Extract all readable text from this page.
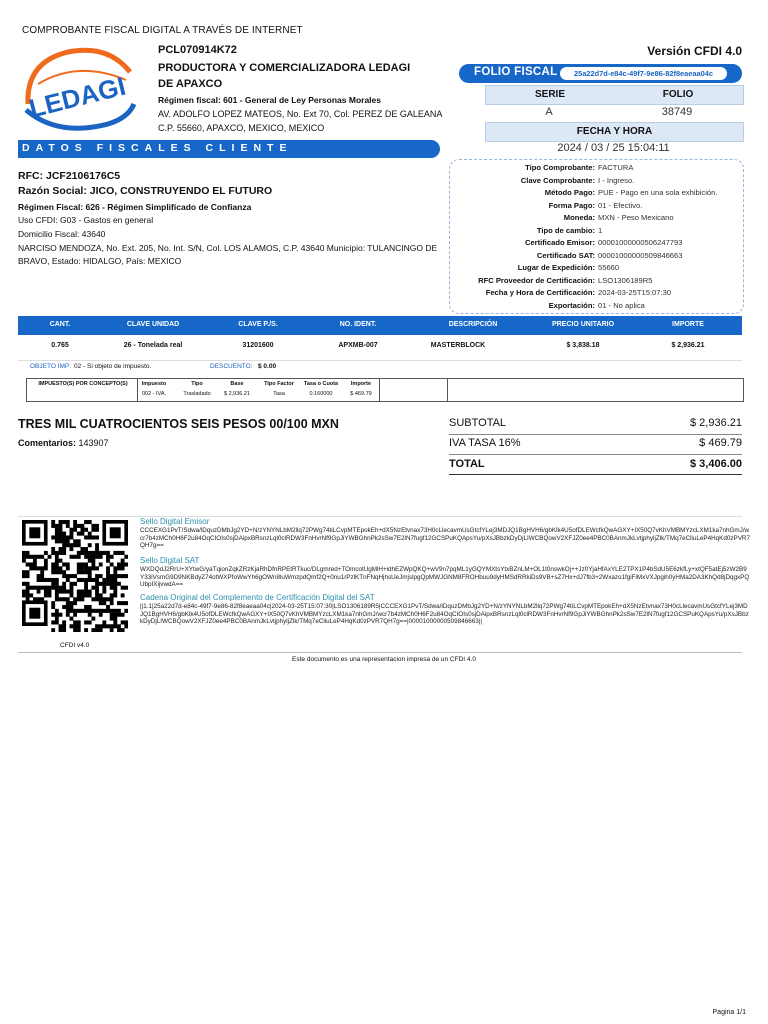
COMPROBANTE FISCAL DIGITAL A TRAVÉS DE INTERNET
LEDAGI
PCL070914K72
PRODUCTORA Y COMERCIALIZADORA LEDAGI DE APAXCO
Régimen fiscal: 601 - General de Ley Personas Morales
AV. ADOLFO LOPEZ MATEOS, No. Ext 70, Col. PEREZ DE GALEANA
C.P. 55660, APAXCO, MEXICO, MEXICO
Versión CFDI 4.0
FOLIO FISCAL	25a22d7d-e84c-49f7-9e86-82f8eaeaa04c
SERIE	FOLIO
A	38749
FECHA Y HORA
2024 / 03 / 25 15:04:11
DATOS FISCALES CLIENTE
RFC: JCF2106176C5
Razón Social: JICO, CONSTRUYENDO EL FUTURO
Régimen Fiscal: 626 - Régimen Simplificado de Confianza
Uso CFDI: G03 - Gastos en general
Domicilio Fiscal: 43640
NARCISO MENDOZA, No. Ext. 205, No. Int. S/N, Col. LOS ALAMOS, C.P. 43640 Municipio: TULANCINGO DE BRAVO, Estado: HIDALGO, País: MEXICO
Tipo Comprobante: FACTURA
Clave Comprobante: I - Ingreso.
Método Pago: PUE - Pago en una sola exhibición.
Forma Pago: 01 - Efectivo.
Moneda: MXN - Peso Mexicano
Tipo de cambio: 1
Certificado Emisor: 00001000000506247793
Certificado SAT: 00001000000509846663
Lugar de Expedición: 55660
RFC Proveedor de Certificación: LSO1306189R5
Fecha y Hora de Certificación: 2024-03-25T15:07:30
Exportación: 01 - No aplica
CANT.	CLAVE UNIDAD	CLAVE P./S.	NO. IDENT.	DESCRIPCIÓN	PRECIO UNITARIO	IMPORTE
0.765	26 - Tonelada real	31201600	APXMB-007	MASTERBLOCK	$ 3,838.18	$ 2,936.21
OBJETO IMP: 02 - Si objeto de impuesto.	DESCUENTO: $ 0.00
IMPUESTO(S) POR CONCEPTO(S)	Impuesto	Tipo	Base	Tipo Factor	Tasa o Cuota	Importe
002 - IVA.	Trasladado	$ 2,936.21	Tasa	0.160000	$ 469.79
TRES MIL CUATROCIENTOS SEIS PESOS 00/100 MXN
Comentarios: 143907
SUBTOTAL	$ 2,936.21
IVA TASA 16%	$ 469.79
TOTAL	$ 3,406.00
CFDI v4.0
Sello Digital Emisor
CCCEXG1PvT/Sdwa/lDquzDMbJg2YD+N/zYNYNLbM2llq72PWg74tiLCvpMTEpokEh+dX5NzEtvnax73H0cLlecavmUsGtcfYLej3MDJQ1BgHVH6/gbKlk4U5ofDLEWcfkQwAGXY+IX50Q7vKhVMBMYzcLXM1ka7nhGmJ/wcr7b4zMCh0H6F2u84OqCIOIs0sjDAipxBRsnzLql0clRDW3FnHvrNf9GpJiYWBGhnPk2sSw7E2lN7fugf12GCSPuKQApsYu/pXsJBbzkDyDjLIWCBQowV2XFJZ0ee4PBC0BAnmJkLvtjphyljZlk/TMq7eCliuLeP4HqKd0zPVR7QH7g==
Sello Digital SAT
WXDQdJ2RrU+XYtwG/yaTqionZqkZRzKjaRhDfnRPEtRTkuc/DLgmred+TOmcotUgMlH+idhEZWpQKQ+wV9n7pqML1yGQYMXtsYtxBZnLM+OL1t0nswkOj++Jz0YjaHfAxYLE2TPX1P4bSdU5E6zkfLy+xtQF5atEj5zW2B9Y33iVsmG9D9NKBdyZ74otWXPfoWwYh6gOWn8luWmzpdQmf2Q+0nu1rPzlKTnFNqHjhsUeJmjslpgQpMWJGNM8FROHbuu9dyHMSdRRkiDs9VB+sZ7Hx+dJ7fb3+2Wxazo1fgiFiMxVXJpgih0yHMa2DA3KhQd8jDqgxPQUbpIXijvwdA==
Cadena Original del Complemento de Certificación Digital del SAT
||1.1|25a22d7d-e84c-49f7-9e86-82f8eaeaa04c|2024-03-25T15:07:30|LSO1306189R5|CCCEXG1PvT/Sdwa/lDquzDMbJg2YD+N/zYNYNLbM2llq72PWg74tiLCvpMTEpokEh+dX5NzEtvnax73H0cLlecavmUsGtcfYLej3MDJQ1BgHVH6/gbKlk4U5ofDLEWcfkQwAGXY+IX50Q7vKhVMBMYzcLXM1ka7nhGmJ/wcr7b4zMCh0H6F2u84OqCIOIs0sjDAipxBRsnzLql0clRDW3FnHvrNf9GpJiYWBGhnPk2sSw7E2lN7fugf12GCSPuKQApsYu/pXsJBbzkDyDjLIWCBQowV2XFJZ0ee4PBC0BAnmJkLvtjphyljZlk/TMq7eCliuLeP4HqKd0zPVR7QH7g==|00001000000509846663||
Este documento es una representacion impresa de un CFDI 4.0
Pagina 1/1
